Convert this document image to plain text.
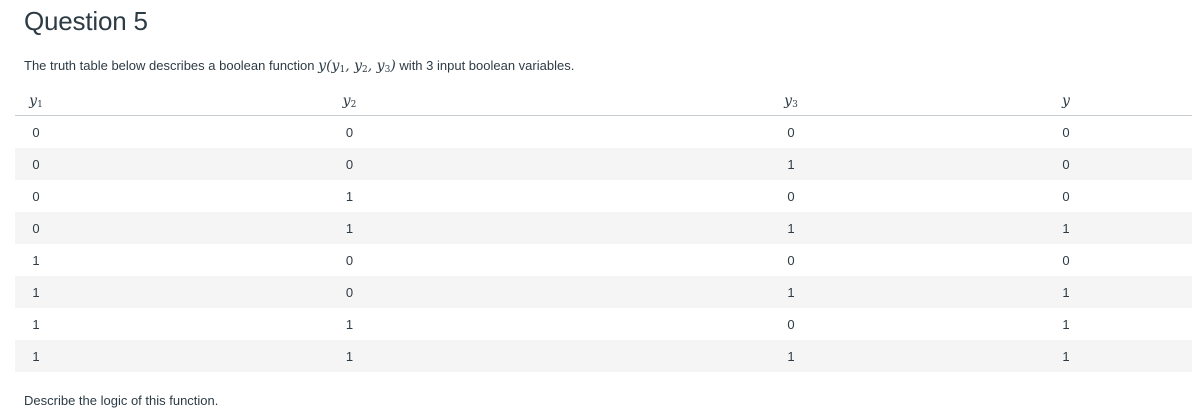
Question 5
The truth table below describes a boolean function $y(y_1$, $y_2$, $y_3$) with 3 input boolean variables.
$y_1$	$y_2$	$y_3$	y
0	0	0	0
0	0	1	0
0	1	0	0
0	1	1	1
1	0	0	0
1	0	1	1
1	1	0	1
1	1	1	1
Describe the logic of this function.
